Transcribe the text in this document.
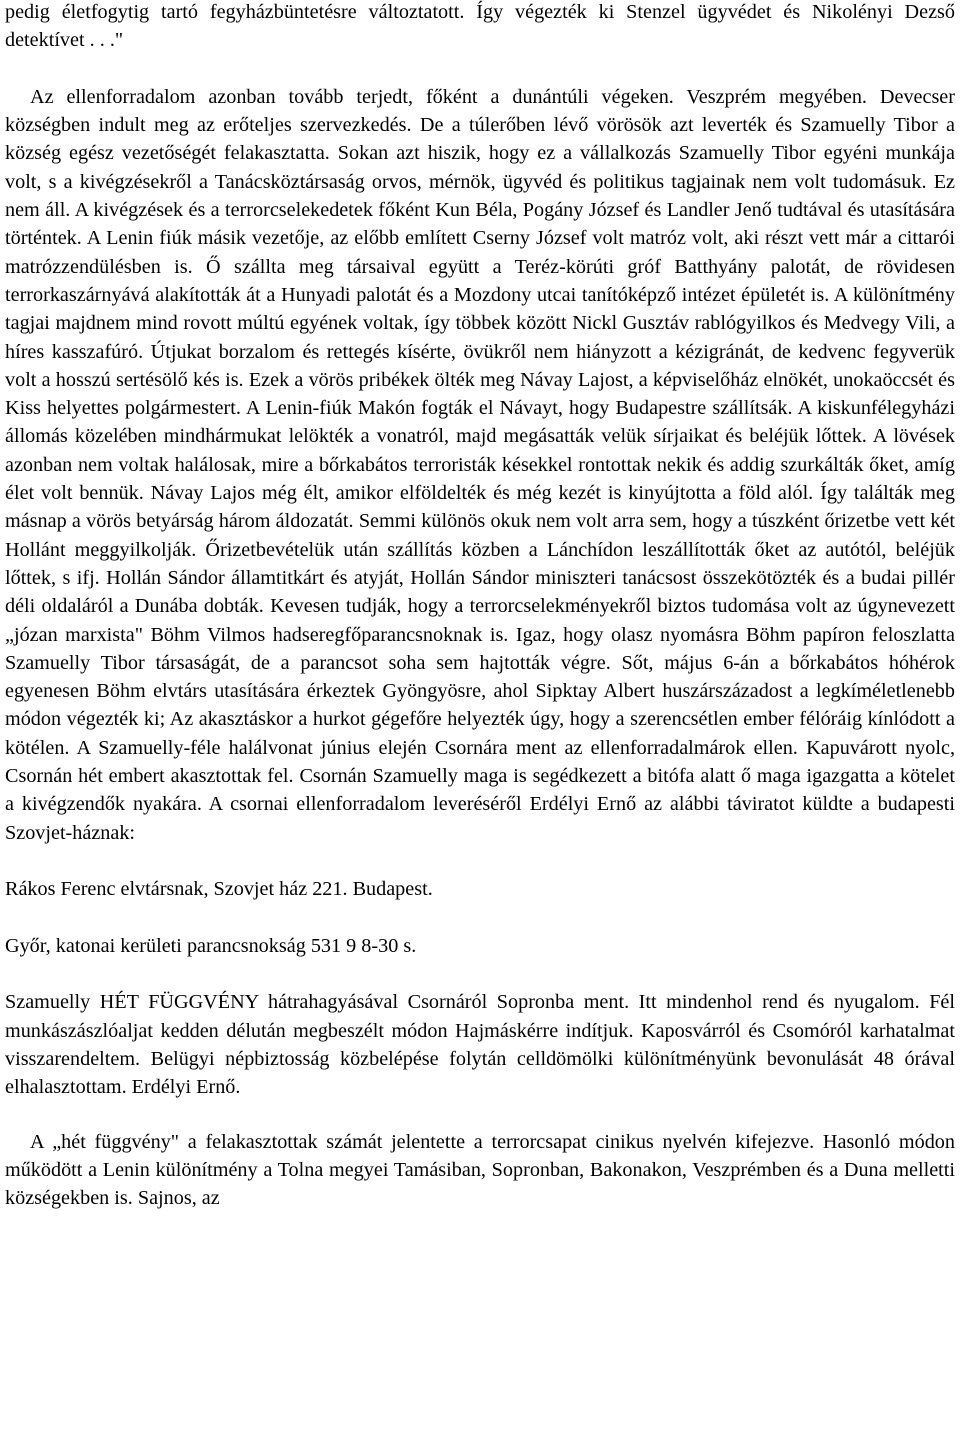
pedig életfogytig tartó fegyházbüntetésre változtatott. Így végezték ki Stenzel ügyvédet és Nikolényi Dezső detektívet . . ."

Az ellenforradalom azonban tovább terjedt, főként a dunántúli végeken. Veszprém megyében. Devecser községben indult meg az erőteljes szervezkedés. De a túlerőben lévő vörösök azt leverték és Szamuelly Tibor a község egész vezetőségét felakasztatta. Sokan azt hiszik, hogy ez a vállalkozás Szamuelly Tibor egyéni munkája volt, s a kivégzésekről a Tanácsköztársaság orvos, mérnök, ügyvéd és politikus tagjainak nem volt tudomásuk. Ez nem áll. A kivégzések és a terrorcselekedetek főként Kun Béla, Pogány József és Landler Jenő tudtával és utasítására történtek. A Lenin fiúk másik vezetője, az előbb említett Cserny József volt matróz volt, aki részt vett már a cittarói matrózzendülésben is. Ő szállta meg társaival együtt a Teréz-körúti gróf Batthyány palotát, de rövidesen terrorkaszárnyává alakították át a Hunyadi palotát és a Mozdony utcai tanítóképző intézet épületét is. A különítmény tagjai majdnem mind rovott múltú egyének voltak, így többek között Nickl Gusztáv rablógyilkos és Medvegy Vili, a híres kasszafúró. Útjukat borzalom és rettegés kísérte, övükről nem hiányzott a kézigránát, de kedvenc fegyverük volt a hosszú sertésölő kés is. Ezek a vörös pribékek ölték meg Návay Lajost, a képviselőház elnökét, unokaöccsét és Kiss helyettes polgármestert. A Lenin-fiúk Makón fogták el Návayt, hogy Budapestre szállítsák. A kiskunfélegyházi állomás közelében mindhármukat lelökték a vonatról, majd megásatták velük sírjaikat és beléjük lőttek. A lövések azonban nem voltak halálosak, mire a bőrkabátos terroristák késekkel rontottak nekik és addig szurkálták őket, amíg élet volt bennük. Návay Lajos még élt, amikor elföldelték és még kezét is kinyújtotta a föld alól. Így találták meg másnap a vörös betyárság három áldozatát. Semmi különös okuk nem volt arra sem, hogy a túszként őrizetbe vett két Hollánt meggyilkolják. Őrizetbevételük után szállítás közben a Lánchídon leszállították őket az autótól, beléjük lőttek, s ifj. Hollán Sándor államtitkárt és atyját, Hollán Sándor miniszteri tanácsost összekötözték és a budai pillér déli oldaláról a Dunába dobták. Kevesen tudják, hogy a terrorcselekményekről biztos tudomása volt az úgynevezett „józan marxista" Böhm Vilmos hadseregfőparancsnoknak is. Igaz, hogy olasz nyomásra Böhm papíron feloszlatta Szamuelly Tibor társaságát, de a parancsot soha sem hajtották végre. Sőt, május 6-án a bőrkabátos hóhérok egyenesen Böhm elvtárs utasítására érkeztek Gyöngyösre, ahol Sipktay Albert huszárszázadost a legkíméletlenebb módon végezték ki; Az akasztáskor a hurkot gégefőre helyezték úgy, hogy a szerencsétlen ember félóráig kínlódott a kötélen. A Szamuelly-féle halálvonat június elején Csornára ment az ellenforradalmárok ellen. Kapuvárott nyolc, Csornán hét embert akasztottak fel. Csornán Szamuelly maga is segédkezett a bitófa alatt ő maga igazgatta a kötelet a kivégzendők nyakára. A csornai ellenforradalom leveréséről Erdélyi Ernő az alábbi táviratot küldte a budapesti Szovjet-háznak:

Rákos Ferenc elvtársnak, Szovjet ház 221. Budapest.

Győr, katonai kerületi parancsnokság 531 9 8-30 s.

Szamuelly HÉT FÜGGVÉNY hátrahagyásával Csornáról Sopronba ment. Itt mindenhol rend és nyugalom. Fél munkászászlóaljat kedden délután megbeszélt módon Hajmáskérre indítjuk. Kaposvárról és Csomóról karhatalmat visszarendeltem. Belügyi népbiztosság közbelépése folytán celldömölki különítményünk bevonulását 48 órával elhalasztottam. Erdélyi Ernő.

A „hét függvény" a felakasztottak számát jelentette a terrorcsapat cinikus nyelvén kifejezve. Hasonló módon működött a Lenin különítmény a Tolna megyei Tamásiban, Sopronban, Bakonakon, Veszprémben és a Duna melletti községekben is. Sajnos, az
